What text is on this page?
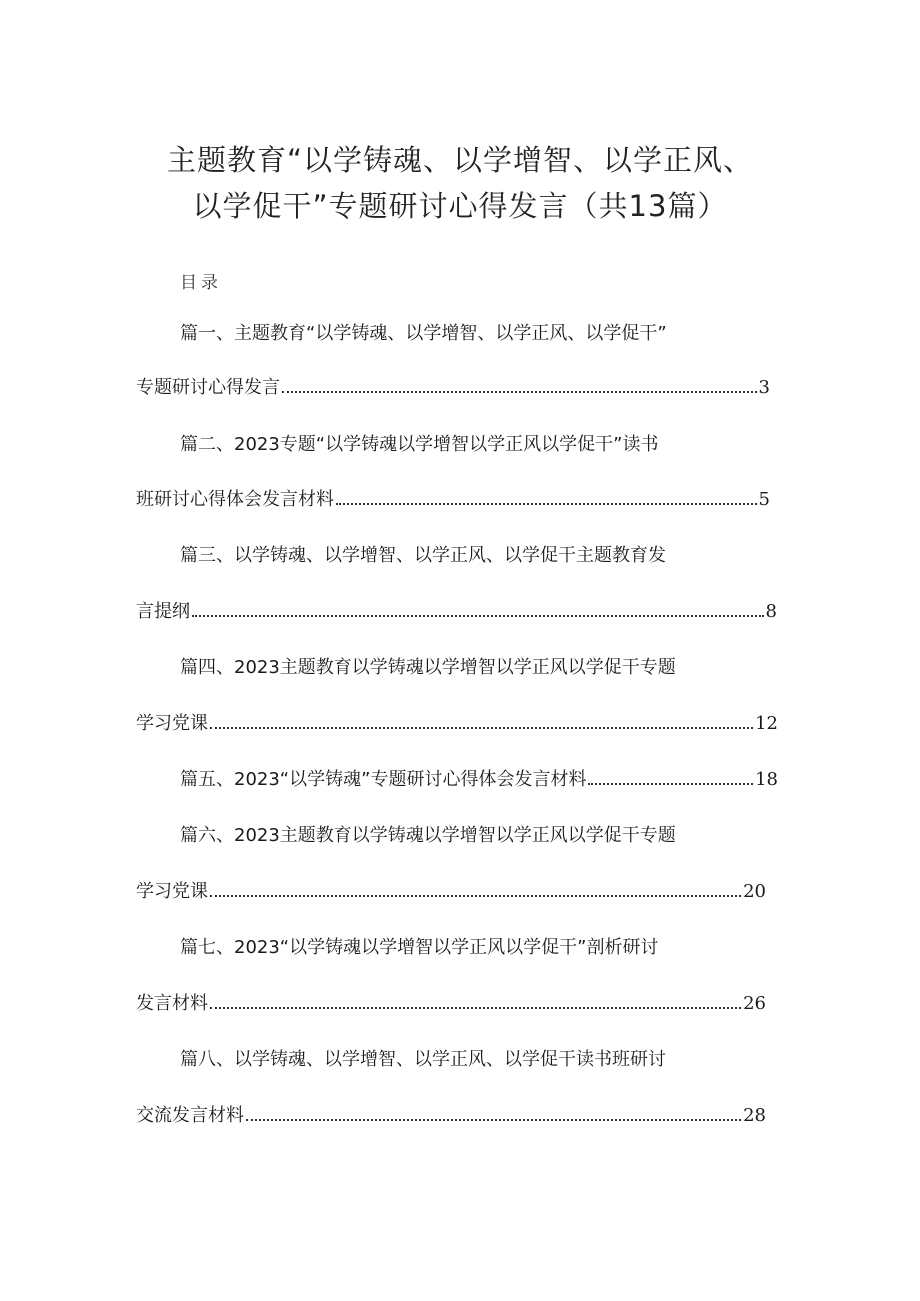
主题教育“以学铸魂、以学增智、以学正风、
以学促干”专题研讨心得发言（共13篇）
目录
篇一、主题教育“以学铸魂、以学增智、以学正风、以学促干”
专题研讨心得发言	3
篇二、2023专题“以学铸魂以学增智以学正风以学促干”读书
班研讨心得体会发言材料	5
篇三、以学铸魂、以学增智、以学正风、以学促干主题教育发
言提纲	8
篇四、2023主题教育以学铸魂以学增智以学正风以学促干专题
学习党课	12
篇五、2023“以学铸魂”专题研讨心得体会发言材料	18
篇六、2023主题教育以学铸魂以学增智以学正风以学促干专题
学习党课	20
篇七、2023“以学铸魂以学增智以学正风以学促干”剖析研讨
发言材料	26
篇八、以学铸魂、以学增智、以学正风、以学促干读书班研讨
交流发言材料	28
